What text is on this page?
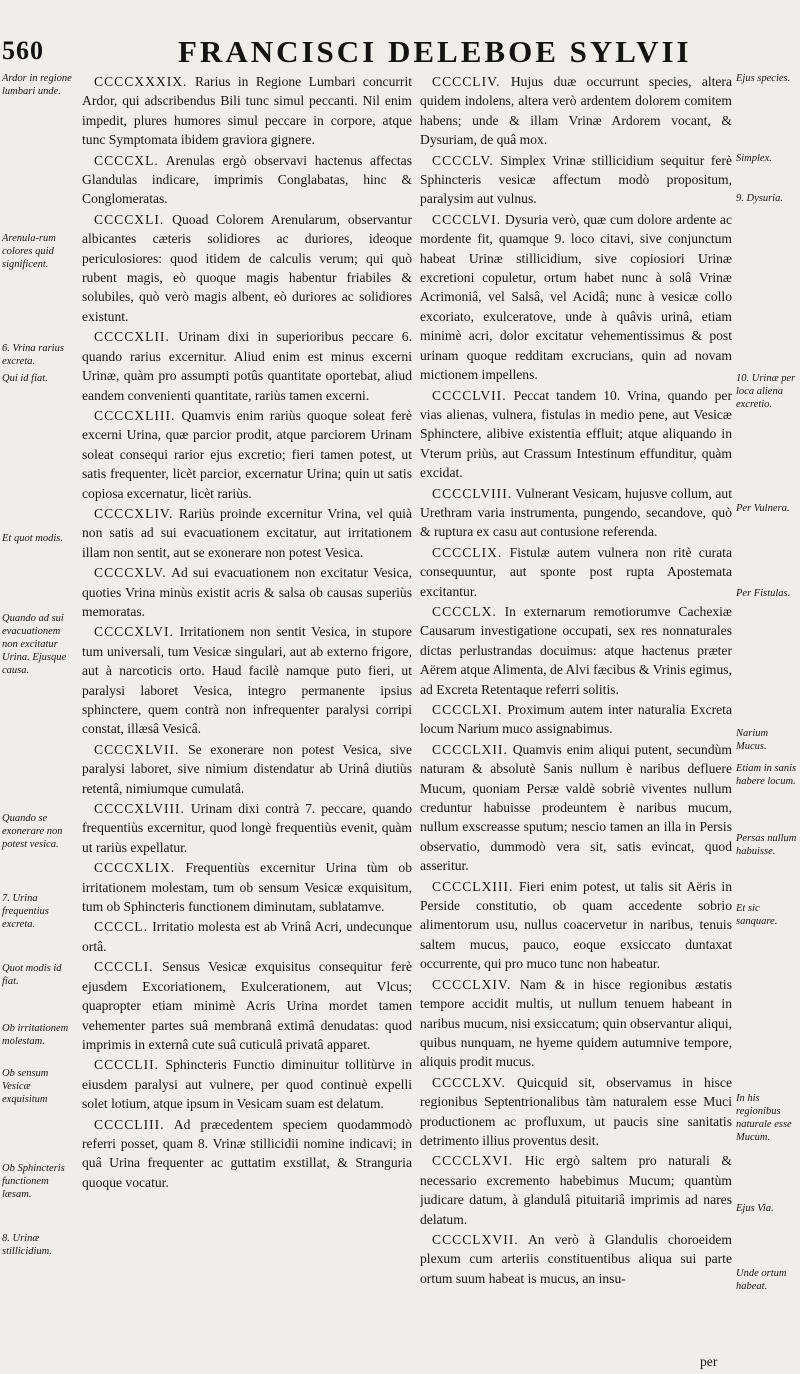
560	FRANCISCI DELEBOE SYLVII
Ardor in regione lumbari unde.
Arenula-rum colores quid significent.
6. Vrina rarius excreta.
Qui id fiat.
Et quot modis.
Quando ad sui evacuationem non excitatur Urina. Ejusque causa.
Quando se exonerare non potest vesica.
7. Urina frequentius excreta.
Quot modis id fiat.
Ob irritationem molestam.
Ob sensum Vesicæ exquisitum
Ob Sphincteris functionem læsam.
8. Urinæ stillicidium.

CCCCXXXIX. Rarius in Regione Lumbari concurrit Ardor, qui adscribendus Bili tunc simul peccanti. Nil enim impedit, plures humores simul peccare in corpore, atque tunc Symptomata ibidem graviora gignere.

CCCCXL. Arenulas ergò observavi hactenus affectas Glandulas indicare, imprimis Conglabatas, hinc & Conglomeratas.

CCCCXLI. Quoad Colorem Arenularum, observantur albicantes cæteris solidiores ac duriores, ideoque periculosiores: quod itidem de calculis verum; qui quò rubent magis, eò quoque magis habentur friabiles & solubiles, quò verò magis albent, eò duriores ac solidiores existunt.

CCCCXLII. Urinam dixi in superioribus peccare 6. quando rarius excernitur. Aliud enim est minus excerni Urinæ, quàm pro assumpti potûs quantitate oportebat, aliud eandem convenienti quantitate, rariùs tamen excerni.

CCCCXLIII. Quamvis enim rariùs quoque soleat ferè excerni Urina, quæ parcior prodit, atque parciorem Urinam soleat consequi rarior ejus excretio; fieri tamen potest, ut satis frequenter, licèt parcior, excernatur Urina; quin ut satis copiosa excernatur, licèt rariùs.

CCCCXLIV. Rariùs proinde excernitur Vrina, vel quià non satis ad sui evacuationem excitatur, aut irritationem illam non sentit, aut se exonerare non potest Vesica.

CCCCXLV. Ad sui evacuationem non excitatur Vesica, quoties Vrina minùs existit acris & salsa ob causas superiùs memoratas.

CCCCXLVI. Irritationem non sentit Vesica, in stupore tum universali, tum Vesicæ singulari, aut ab externo frigore, aut à narcoticis orto. Haud facilè namque puto fieri, ut paralysi laboret Vesica, integro permanente ipsius sphinctere, quem contrà non infrequenter paralysi corripi constat, illæsâ Vesicâ.

CCCCXLVII. Se exonerare non potest Vesica, sive paralysi laboret, sive nimium distendatur ab Urinâ diutiùs retentâ, nimiumque cumulatâ.

CCCCXLVIII. Urinam dixi contrà 7. peccare, quando frequentiùs excernitur, quod longè frequentiùs evenit, quàm ut rariùs expellatur.

CCCCXLIX. Frequentiùs excernitur Urina tùm ob irritationem molestam, tum ob sensum Vesicæ exquisitum, tum ob Sphincteris functionem diminutam, sublatamve.

CCCCL. Irritatio molesta est ab Vrinâ Acri, undecunque ortâ.

CCCCLI. Sensus Vesicæ exquisitus consequitur ferè ejusdem Excoriationem, Exulcerationem, aut Vlcus; quapropter etiam minimè Acris Urina mordet tamen vehementer partes suâ membranâ extimâ denudatas: quod imprimis in externâ cute suâ cuticulâ privatâ apparet.

CCCCLII. Sphincteris Functio diminuitur tollitùrve in eiusdem paralysi aut vulnere, per quod continuè expelli solet lotium, atque ipsum in Vesicam suam est delatum.

CCCCLIII. Ad præcedentem speciem quodammodò referri posset, quam 8. Vrinæ stillicidii nomine indicavi; in quâ Urina frequenter ac guttatim exstillat, & Stranguria quoque vocatur.

CCCCLIV. Hujus duæ occurrunt species, altera quidem indolens, altera verò ardentem dolorem comitem habens; unde & illam Vrinæ Ardorem vocant, & Dysuriam, de quâ mox.

CCCCLV. Simplex Vrinæ stillicidium sequitur ferè Sphincteris vesicæ affectum modò propositum, paralysim aut vulnus.

CCCCLVI. Dysuria verò, quæ cum dolore ardente ac mordente fit, quamque 9. loco citavi, sive conjunctum habeat Urinæ stillicidium, sive copiosiori Urinæ excretioni copuletur, ortum habet nunc à solâ Vrinæ Acrimoniâ, vel Salsâ, vel Acidâ; nunc à vesicæ collo excoriato, exulceratove, unde à quâvis urinâ, etiam minimè acri, dolor excitatur vehementissimus & post urinam quoque redditam excrucians, quin ad novam mictionem impellens.

CCCCLVII. Peccat tandem 10. Vrina, quando per vias alienas, vulnera, fistulas in medio pene, aut Vesicæ Sphinctere, alibive existentia effluit; atque aliquando in Vterum priùs, aut Crassum Intestinum effunditur, quàm excidat.

CCCCLVIII. Vulnerant Vesicam, hujusve collum, aut Urethram varia instrumenta, pungendo, secandove, quò & ruptura ex casu aut contusione referenda.

CCCCLIX. Fistulæ autem vulnera non ritè curata consequuntur, aut sponte post rupta Apostemata excitantur.

CCCCLX. In externarum remotiorumve Cachexiæ Causarum investigatione occupati, sex res nonnaturales dictas perlustrandas docuimus: atque hactenus præter Aërem atque Alimenta, de Alvi fæcibus & Vrinis egimus, ad Excreta Retentaque referri solitis.

CCCCLXI. Proximum autem inter naturalia Excreta locum Narium muco assignabimus.

CCCCLXII. Quamvis enim aliqui putent, secundùm naturam & absolutè Sanis nullum è naribus defluere Mucum, quoniam Persæ valdè sobriè viventes nullum creduntur habuisse prodeuntem è naribus mucum, nullum exscreasse sputum; nescio tamen an illa in Persis observatio, dummodò vera sit, satis evincat, quod asseritur.

CCCCLXIII. Fieri enim potest, ut talis sit Aëris in Perside constitutio, ob quam accedente sobrio alimentorum usu, nullus coacervetur in naribus, tenuis saltem mucus, pauco, eoque exsiccato duntaxat occurrente, qui pro muco tunc non habeatur.

CCCCLXIV. Nam & in hisce regionibus æstatis tempore accidit multis, ut nullum tenuem habeant in naribus mucum, nisi exsiccatum; quin observantur aliqui, quibus nunquam, ne hyeme quidem autumnive tempore, aliquis prodit mucus.

CCCCLXV. Quicquid sit, observamus in hisce regionibus Septentrionalibus tàm naturalem esse Muci productionem ac profluxum, ut paucis sine sanitatis detrimento illius proventus desit.

CCCCLXVI. Hic ergò saltem pro naturali & necessario excremento habebimus Mucum; quantùm judicare datum, à glandulâ pituitariâ imprimis ad nares delatum.

CCCCLXVII. An verò à Glandulis choroeidem plexum cum arteriis constituentibus aliqua sui parte ortum suum habeat is mucus, an insu-

Ejus species.
Simplex.
9. Dysuria.
10. Urinæ per loca aliena excretio.
Per Vulnera.
Per Fistulas.
Narium Mucus.
Etiam in sanis habere locum.
Persas nullum habuisse.
Et sic sanquare.
In his regionibus naturale esse Mucum.
Ejus Via.
Unde ortum habeat.
per
